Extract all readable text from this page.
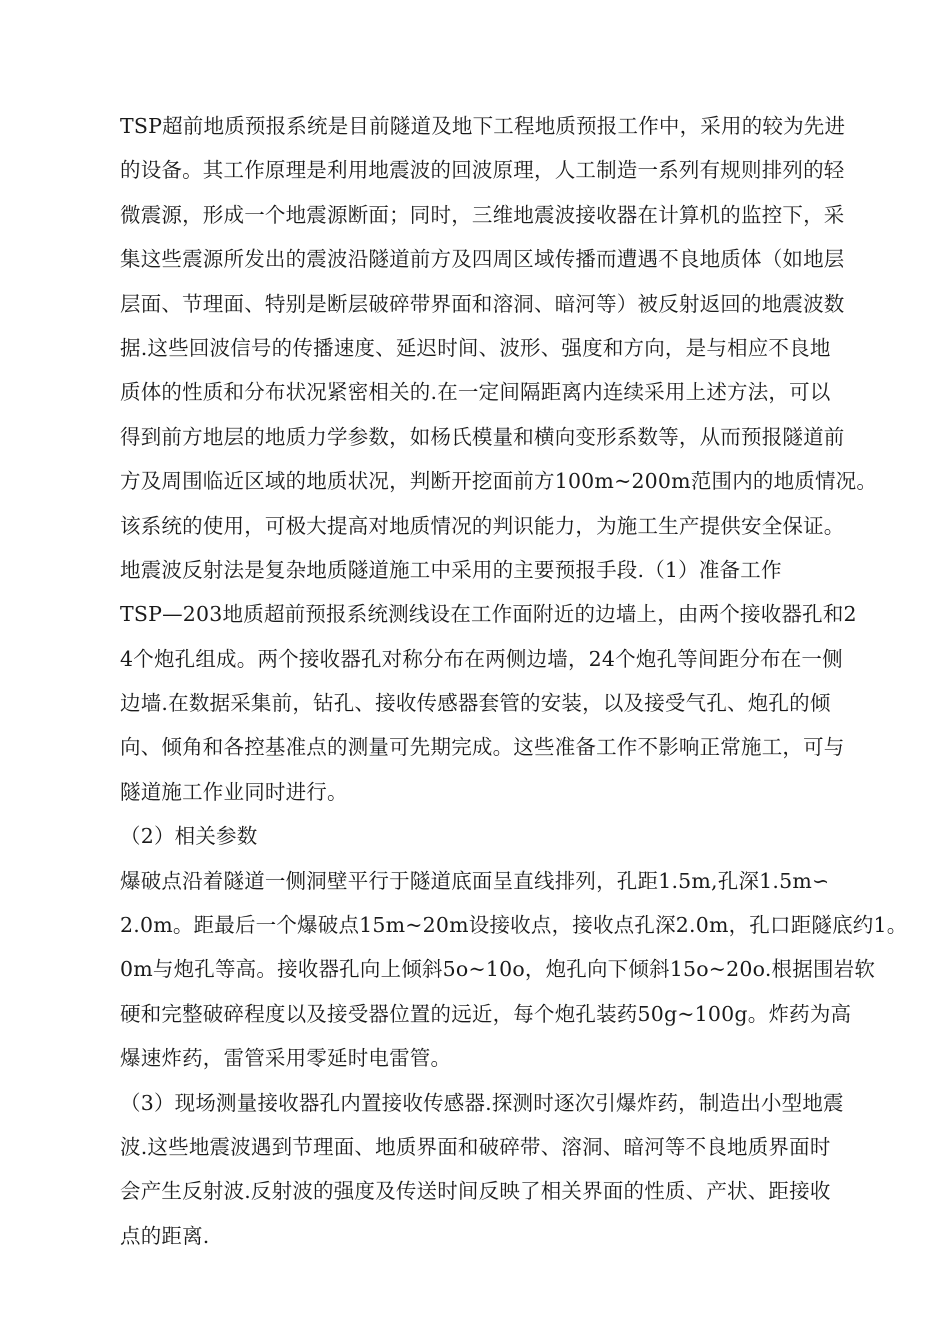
TSP超前地质预报系统是目前隧道及地下工程地质预报工作中，采用的较为先进
的设备。其工作原理是利用地震波的回波原理，人工制造一系列有规则排列的轻
微震源，形成一个地震源断面；同时，三维地震波接收器在计算机的监控下，采
集这些震源所发出的震波沿隧道前方及四周区域传播而遭遇不良地质体（如地层
层面、节理面、特别是断层破碎带界面和溶洞、暗河等）被反射返回的地震波数
据.这些回波信号的传播速度、延迟时间、波形、强度和方向，是与相应不良地
质体的性质和分布状况紧密相关的.在一定间隔距离内连续采用上述方法，可以
得到前方地层的地质力学参数，如杨氏模量和横向变形系数等，从而预报隧道前
方及周围临近区域的地质状况，判断开挖面前方100m~200m范围内的地质情况。
该系统的使用，可极大提高对地质情况的判识能力，为施工生产提供安全保证。
地震波反射法是复杂地质隧道施工中采用的主要预报手段.（1）准备工作
TSP—203地质超前预报系统测线设在工作面附近的边墙上，由两个接收器孔和2
4个炮孔组成。两个接收器孔对称分布在两侧边墙，24个炮孔等间距分布在一侧
边墙.在数据采集前，钻孔、接收传感器套管的安装，以及接受气孔、炮孔的倾
向、倾角和各控基准点的测量可先期完成。这些准备工作不影响正常施工，可与
隧道施工作业同时进行。
（2）相关参数
爆破点沿着隧道一侧洞壁平行于隧道底面呈直线排列，孔距1.5m,孔深1.5m∽
2.0m。距最后一个爆破点15m~20m设接收点，接收点孔深2.0m，孔口距隧底约1。
0m与炮孔等高。接收器孔向上倾斜5o~10o，炮孔向下倾斜15o~20o.根据围岩软
硬和完整破碎程度以及接受器位置的远近，每个炮孔装药50g~100g。炸药为高
爆速炸药，雷管采用零延时电雷管。
（3）现场测量接收器孔内置接收传感器.探测时逐次引爆炸药，制造出小型地震
波.这些地震波遇到节理面、地质界面和破碎带、溶洞、暗河等不良地质界面时
会产生反射波.反射波的强度及传送时间反映了相关界面的性质、产状、距接收
点的距离.
